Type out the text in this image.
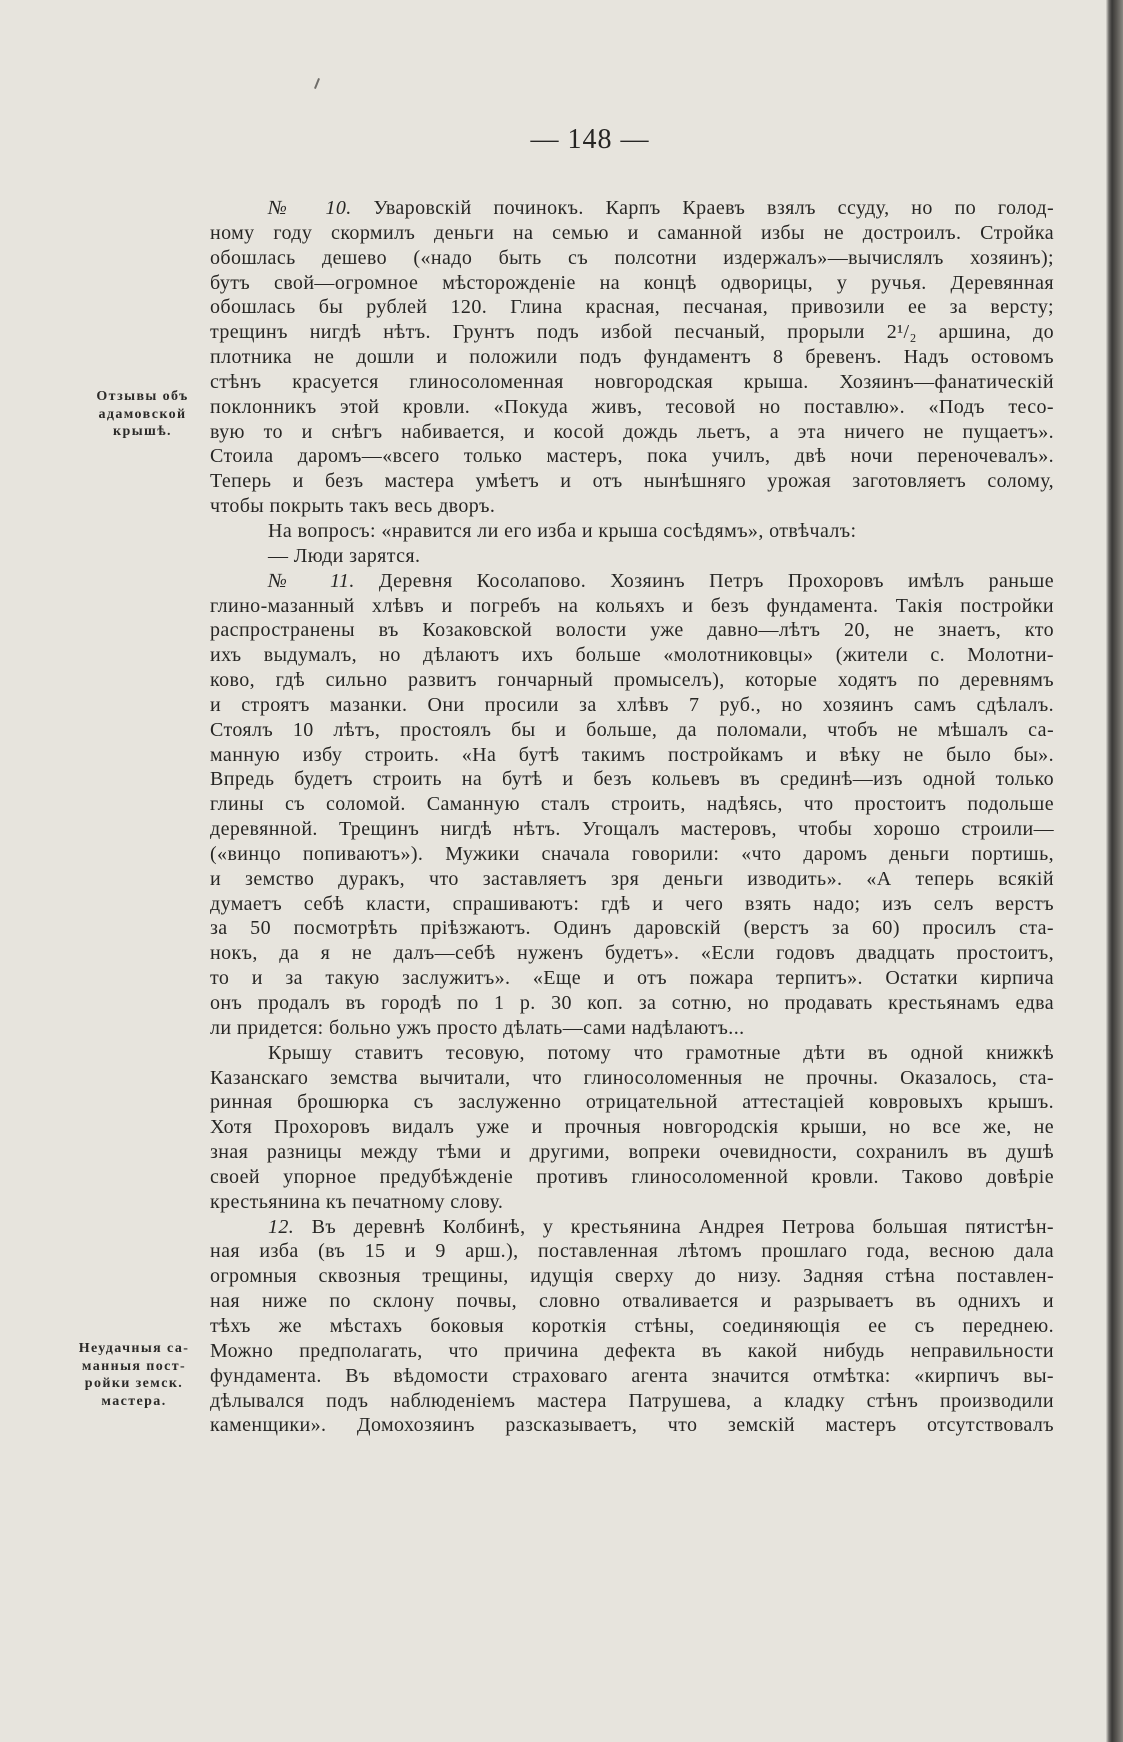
— 148 —
Отзывы объ
адамовской
крышѣ.
Неудачныя са-
манныя пост-
ройки земск.
мастера.
№ 10. Уваровскій починокъ. Карпъ Краевъ взялъ ссуду, но по голод-
ному году скормилъ деньги на семью и саманной избы не достроилъ. Стройка
обошлась дешево («надо быть съ полсотни издержалъ»—вычислялъ хозяинъ);
бутъ свой—огромное мѣсторожденіе на концѣ одворицы, у ручья. Деревянная
обошлась бы рублей 120. Глина красная, песчаная, привозили ее за версту;
трещинъ нигдѣ нѣтъ. Грунтъ подъ избой песчаный, прорыли 2¹/₂ аршина, до
плотника не дошли и положили подъ фундаментъ 8 бревенъ. Надъ остовомъ
стѣнъ красуется глиносоломенная новгородская крыша. Хозяинъ—фанатическій
поклонникъ этой кровли. «Покуда живъ, тесовой но поставлю». «Подъ тесо-
вую то и снѣгъ набивается, и косой дождь льетъ, а эта ничего не пущаетъ».
Стоила даромъ—«всего только мастеръ, пока училъ, двѣ ночи переночевалъ».
Теперь и безъ мастера умѣетъ и отъ нынѣшняго урожая заготовляетъ солому,
чтобы покрыть такъ весь дворъ.
На вопросъ: «нравится ли его изба и крыша сосѣдямъ», отвѣчалъ:
— Люди зарятся.
№ 11. Деревня Косолапово. Хозяинъ Петръ Прохоровъ имѣлъ раньше
глино-мазанный хлѣвъ и погребъ на кольяхъ и безъ фундамента. Такія постройки
распространены въ Козаковской волости уже давно—лѣтъ 20, не знаетъ, кто
ихъ выдумалъ, но дѣлаютъ ихъ больше «молотниковцы» (жители с. Молотни-
ково, гдѣ сильно развитъ гончарный промыселъ), которые ходятъ по деревнямъ
и строятъ мазанки. Они просили за хлѣвъ 7 руб., но хозяинъ самъ сдѣлалъ.
Стоялъ 10 лѣтъ, простоялъ бы и больше, да поломали, чтобъ не мѣшалъ са-
манную избу строить. «На бутѣ такимъ постройкамъ и вѣку не было бы».
Впредь будетъ строить на бутѣ и безъ кольевъ въ срединѣ—изъ одной только
глины съ соломой. Саманную сталъ строить, надѣясь, что простоитъ подольше
деревянной. Трещинъ нигдѣ нѣтъ. Угощалъ мастеровъ, чтобы хорошо строили—
(«винцо попиваютъ»). Мужики сначала говорили: «что даромъ деньги портишь,
и земство дуракъ, что заставляетъ зря деньги изводить». «А теперь всякій
думаетъ себѣ класти, спрашиваютъ: гдѣ и чего взять надо; изъ селъ верстъ
за 50 посмотрѣть пріѣзжаютъ. Одинъ даровскій (верстъ за 60) просилъ ста-
нокъ, да я не далъ—себѣ нуженъ будетъ». «Если годовъ двадцать простоитъ,
то и за такую заслужитъ». «Еще и отъ пожара терпитъ». Остатки кирпича
онъ продалъ въ городѣ по 1 р. 30 коп. за сотню, но продавать крестьянамъ едва
ли придется: больно ужъ просто дѣлать—сами надѣлаютъ...
Крышу ставитъ тесовую, потому что грамотные дѣти въ одной книжкѣ
Казанскаго земства вычитали, что глиносоломенныя не прочны. Оказалось, ста-
ринная брошюрка съ заслуженно отрицательной аттестаціей ковровыхъ крышъ.
Хотя Прохоровъ видалъ уже и прочныя новгородскія крыши, но все же, не
зная разницы между тѣми и другими, вопреки очевидности, сохранилъ въ душѣ
своей упорное предубѣжденіе противъ глиносоломенной кровли. Таково довѣріе
крестьянина къ печатному слову.
12. Въ деревнѣ Колбинѣ, у крестьянина Андрея Петрова большая пятистѣн-
ная изба (въ 15 и 9 арш.), поставленная лѣтомъ прошлаго года, весною дала
огромныя сквозныя трещины, идущія сверху до низу. Задняя стѣна поставлен-
ная ниже по склону почвы, словно отваливается и разрываетъ въ однихъ и
тѣхъ же мѣстахъ боковыя короткія стѣны, соединяющія ее съ переднею.
Можно предполагать, что причина дефекта въ какой нибудь неправильности
фундамента. Въ вѣдомости страховаго агента значится отмѣтка: «кирпичъ вы-
дѣлывался подъ наблюденіемъ мастера Патрушева, а кладку стѣнъ производили
каменщики». Домохозяинъ разсказываетъ, что земскій мастеръ отсутствовалъ
